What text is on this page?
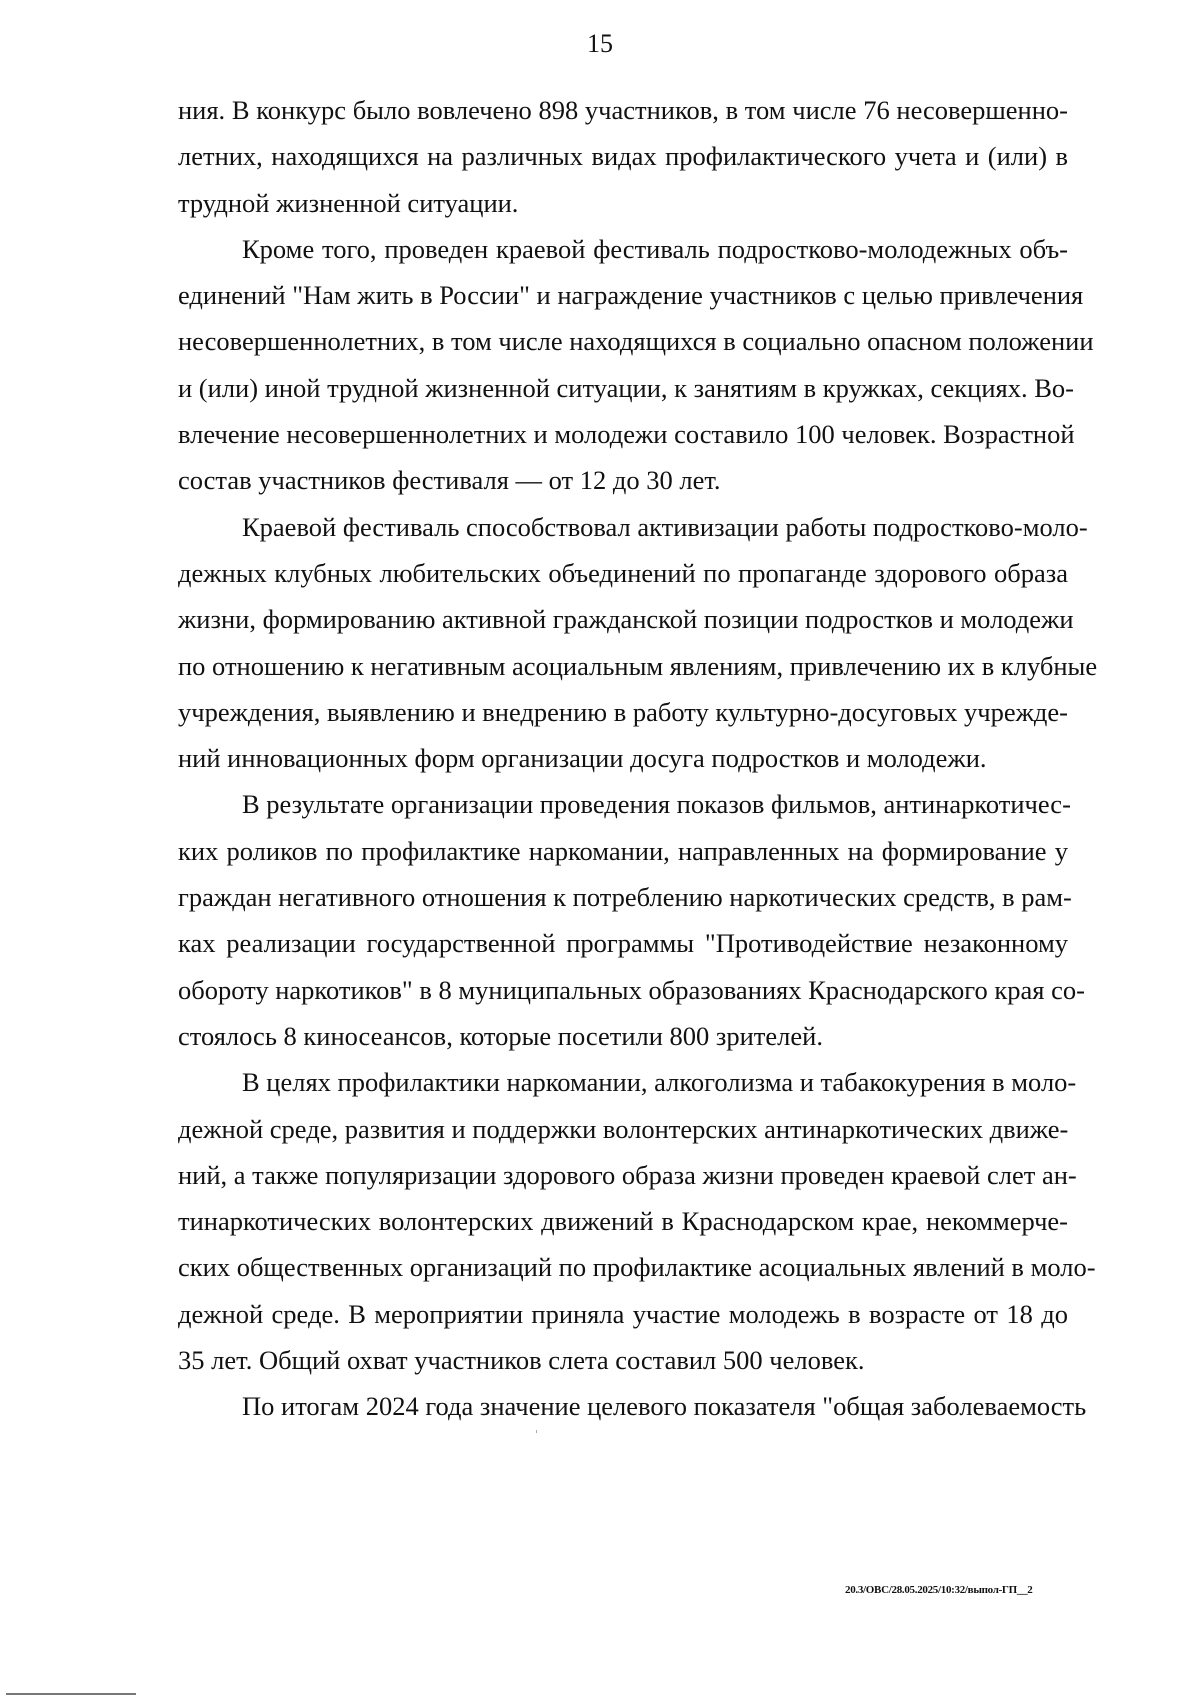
15

ния. В конкурс было вовлечено 898 участников, в том числе 76 несовершенно-
летних, находящихся на различных видах профилактического учета и (или) в
трудной жизненной ситуации.

Кроме того, проведен краевой фестиваль подростково-молодежных объ-
единений "Нам жить в России" и награждение участников с целью привлечения
несовершеннолетних, в том числе находящихся в социально опасном положении
и (или) иной трудной жизненной ситуации, к занятиям в кружках, секциях. Во-
влечение несовершеннолетних и молодежи составило 100 человек. Возрастной
состав участников фестиваля — от 12 до 30 лет.

Краевой фестиваль способствовал активизации работы подростково-моло-
дежных клубных любительских объединений по пропаганде здорового образа
жизни, формированию активной гражданской позиции подростков и молодежи
по отношению к негативным асоциальным явлениям, привлечению их в клубные
учреждения, выявлению и внедрению в работу культурно-досуговых учрежде-
ний инновационных форм организации досуга подростков и молодежи.

В результате организации проведения показов фильмов, антинаркотичес-
ких роликов по профилактике наркомании, направленных на формирование у
граждан негативного отношения к потреблению наркотических средств, в рам-
ках реализации государственной программы "Противодействие незаконному
обороту наркотиков" в 8 муниципальных образованиях Краснодарского края со-
стоялось 8 киносеансов, которые посетили 800 зрителей.

В целях профилактики наркомании, алкоголизма и табакокурения в моло-
дежной среде, развития и поддержки волонтерских антинаркотических движе-
ний, а также популяризации здорового образа жизни проведен краевой слет ан-
тинаркотических волонтерских движений в Краснодарском крае, некоммерче-
ских общественных организаций по профилактике асоциальных явлений в моло-
дежной среде. В мероприятии приняла участие молодежь в возрасте от 18 до
35 лет. Общий охват участников слета составил 500 человек.

По итогам 2024 года значение целевого показателя "общая заболеваемость

20.3/ОВС/28.05.2025/10:32/выпол-ГП__2
